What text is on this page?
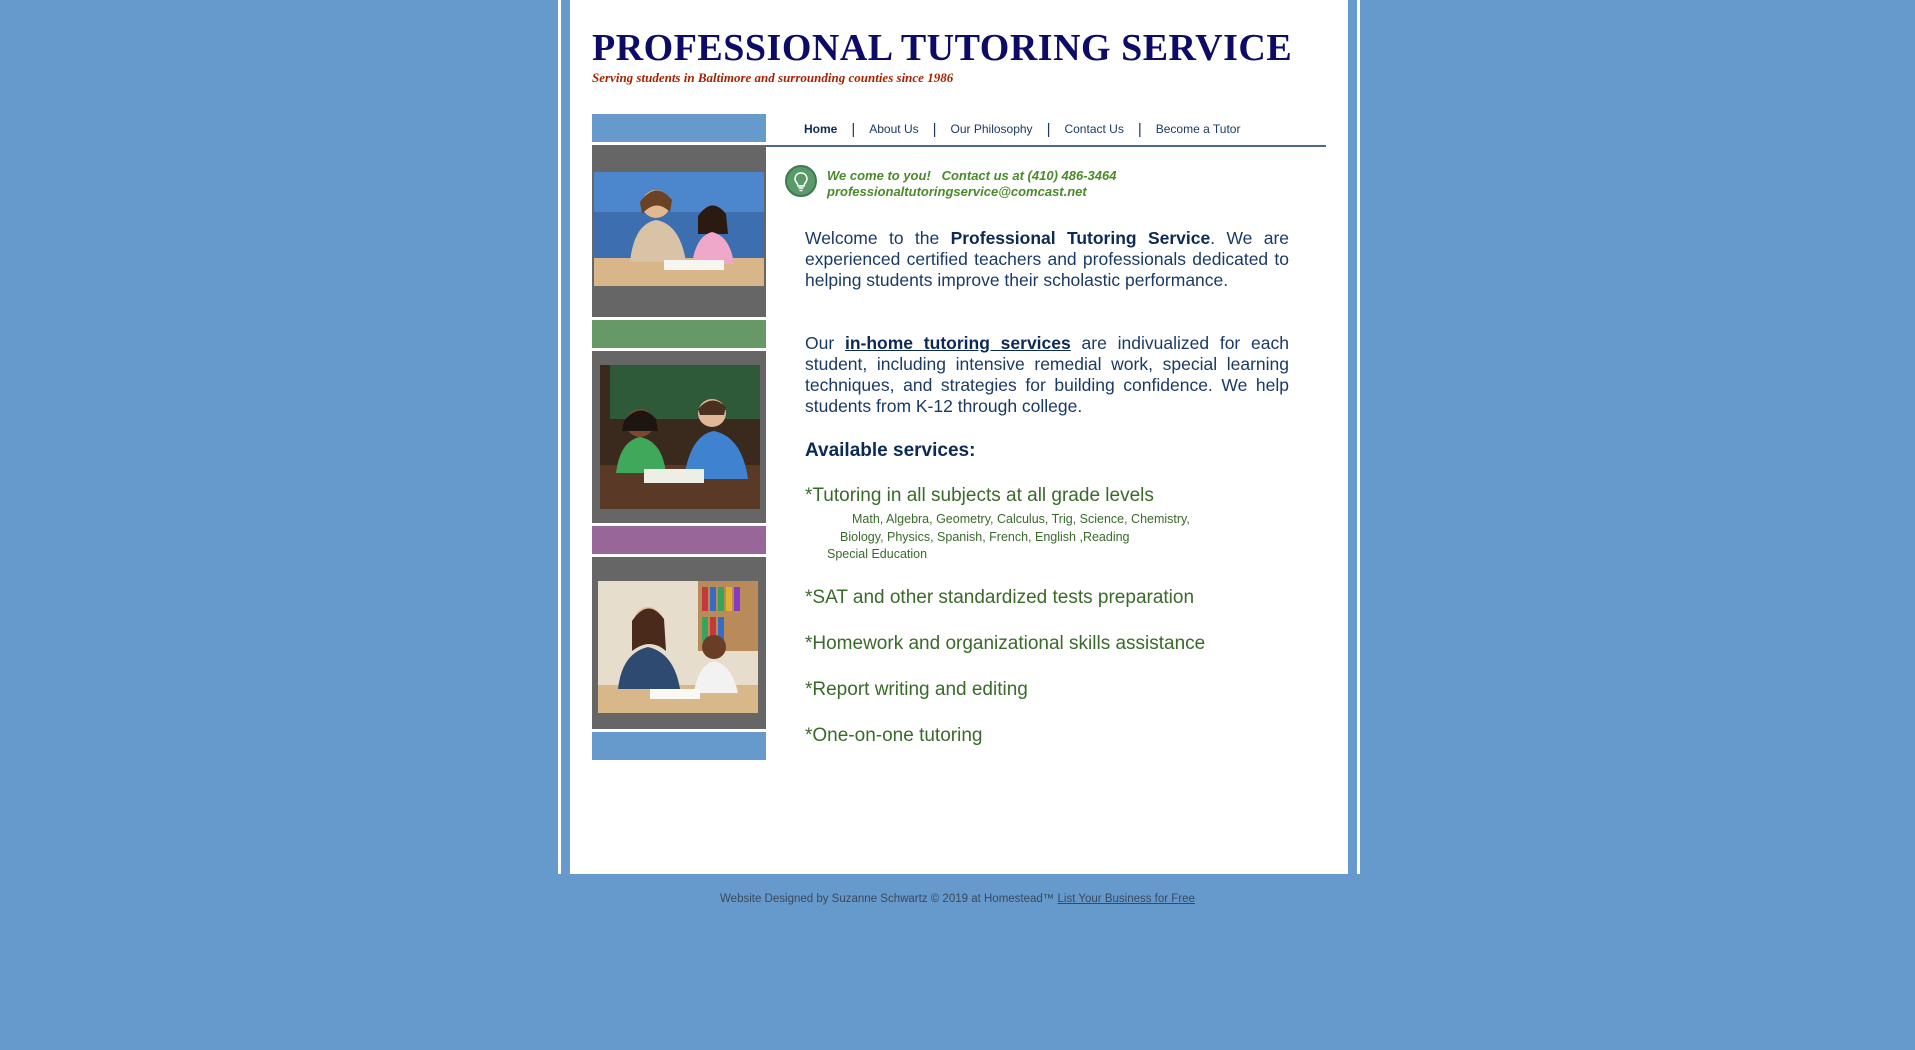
PROFESSIONAL TUTORING SERVICE
Serving students in Baltimore and surrounding counties since 1986
Home |	About Us |	Our Philosophy |	Contact Us |	Become a Tutor
We come to you!   Contact us at (410) 486-3464
professionaltutoringservice@comcast.net

Welcome to the Professional Tutoring Service. We are experienced certified teachers and professionals dedicated to helping students improve their scholastic performance.

Our in-home tutoring services are indivualized for each student, including intensive remedial work, special learning techniques, and strategies for building confidence. We help students from K-12 through college.

Available services:

*Tutoring in all subjects at all grade levels

Math, Algebra, Geometry, Calculus, Trig, Science, Chemistry,
Biology, Physics, Spanish, French, English ,Reading
Special Education

*SAT and other standardized tests preparation

*Homework and organizational skills assistance

*Report writing and editing

*One-on-one tutoring

Website Designed by Suzanne Schwartz © 2019 at Homestead™ List Your Business for Free
